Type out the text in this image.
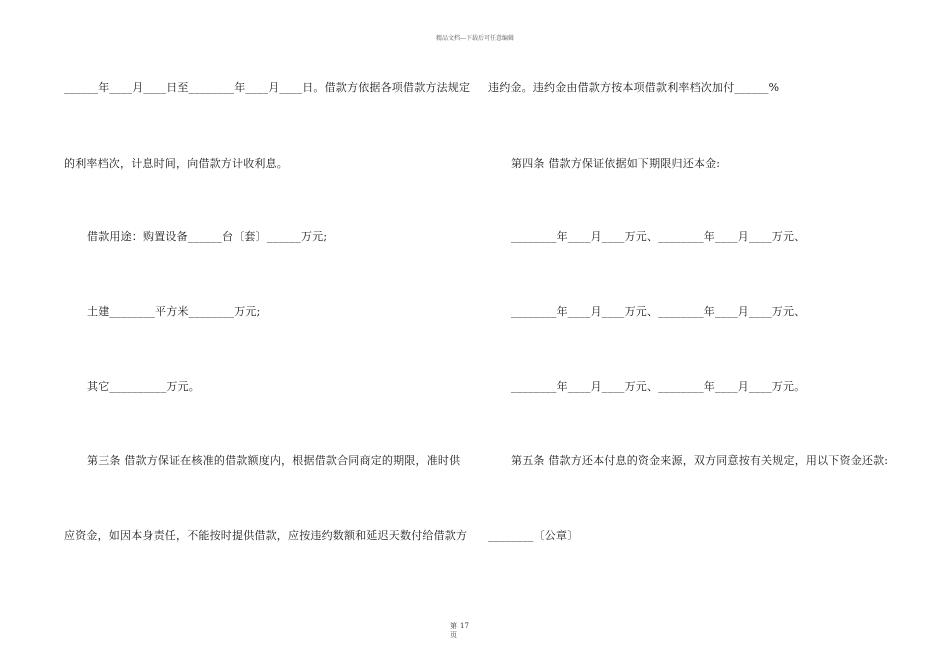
精品文档---下载后可任意编辑
______年____月____日至________年____月____日。借款方依据各项借款方法规定
的利率档次，计息时间，向借款方计收利息。
借款用途：购置设备______台〔套〕______万元;
土建________平方米________万元;
其它__________万元。
第三条 借款方保证在核准的借款额度内，根据借款合同商定的期限，准时供
应资金，如因本身责任，不能按时提供借款，应按违约数额和延迟天数付给借款方
违约金。违约金由借款方按本项借款利率档次加付______%
第四条 借款方保证依据如下期限归还本金:
________年____月____万元、________年____月____万元、
________年____月____万元、________年____月____万元、
________年____月____万元、________年____月____万元。
第五条 借款方还本付息的资金来源，双方同意按有关规定，用以下资金还款:
________〔公章〕
第 17
页
